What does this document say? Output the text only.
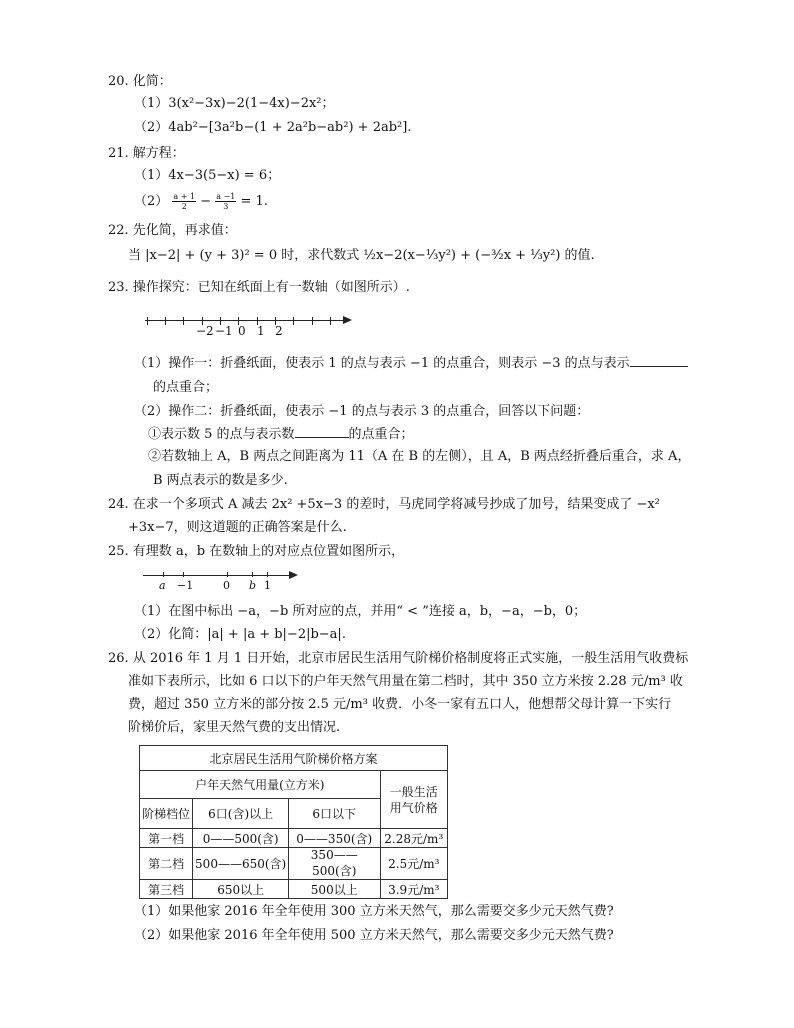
20. 化简：
（1）3(x²−3x)−2(1−4x)−2x²；
（2）4ab²−[3a²b−(1 + 2a²b−ab²) + 2ab²].
21. 解方程：
（1）4x−3(5−x) = 6；
$(2) \frac{a + 1}{2} - \frac{a -1}{3} = 1$.
22. 先化简，再求值：
当 |x−2| + (y + 3)² = 0 时，求代数式 ½x−2(x−⅓y²) + (−³⁄₂x + ⅓y²) 的值.
23. 操作探究：已知在纸面上有一数轴（如图所示）.
−2 −1 0 1 2
（1）操作一：折叠纸面，使表示 1 的点与表示 −1 的点重合，则表示 −3 的点与表示
的点重合；
（2）操作二：折叠纸面，使表示 −1 的点与表示 3 的点重合，回答以下问题：
①表示数 5 的点与表示数	的点重合；
②若数轴上 A，B 两点之间距离为 11（A 在 B 的左侧），且 A，B 两点经折叠后重合，求 A，
B 两点表示的数是多少.
24. 在求一个多项式 A 减去 2x² +5x−3 的差时，马虎同学将减号抄成了加号，结果变成了 −x²
+3x−7，则这道题的正确答案是什么.
25. 有理数 a，b 在数轴上的对应点位置如图所示，
a −1	0 b 1
（1）在图中标出 −a，−b 所对应的点，并用“ < ”连接 a，b，−a，−b，0；
（2）化简：|a| + |a + b|−2|b−a|.
26. 从 2016 年 1 月 1 日开始，北京市居民生活用气阶梯价格制度将正式实施，一般生活用气收费标
准如下表所示，比如 6 口以下的户年天然气用量在第二档时，其中 350 立方米按 2.28 元/m³ 收
费，超过 350 立方米的部分按 2.5 元/m³ 收费．小冬一家有五口人，他想帮父母计算一下实行
阶梯价后，家里天然气费的支出情况.
北京居民生活用气阶梯价格方案			
户年天然气用量(立方米)			一般生活用气价格
阶梯档位	6口(含)以上	6口以下	
第一档	0——500(含)	0——350(含)	2.28元/m³
第二档	500——650(含)	350——500(含)	2.5元/m³
第三档	650以上	500以上	3.9元/m³
（1）如果他家 2016 年全年使用 300 立方米天然气，那么需要交多少元天然气费?
（2）如果他家 2016 年全年使用 500 立方米天然气，那么需要交多少元天然气费?
